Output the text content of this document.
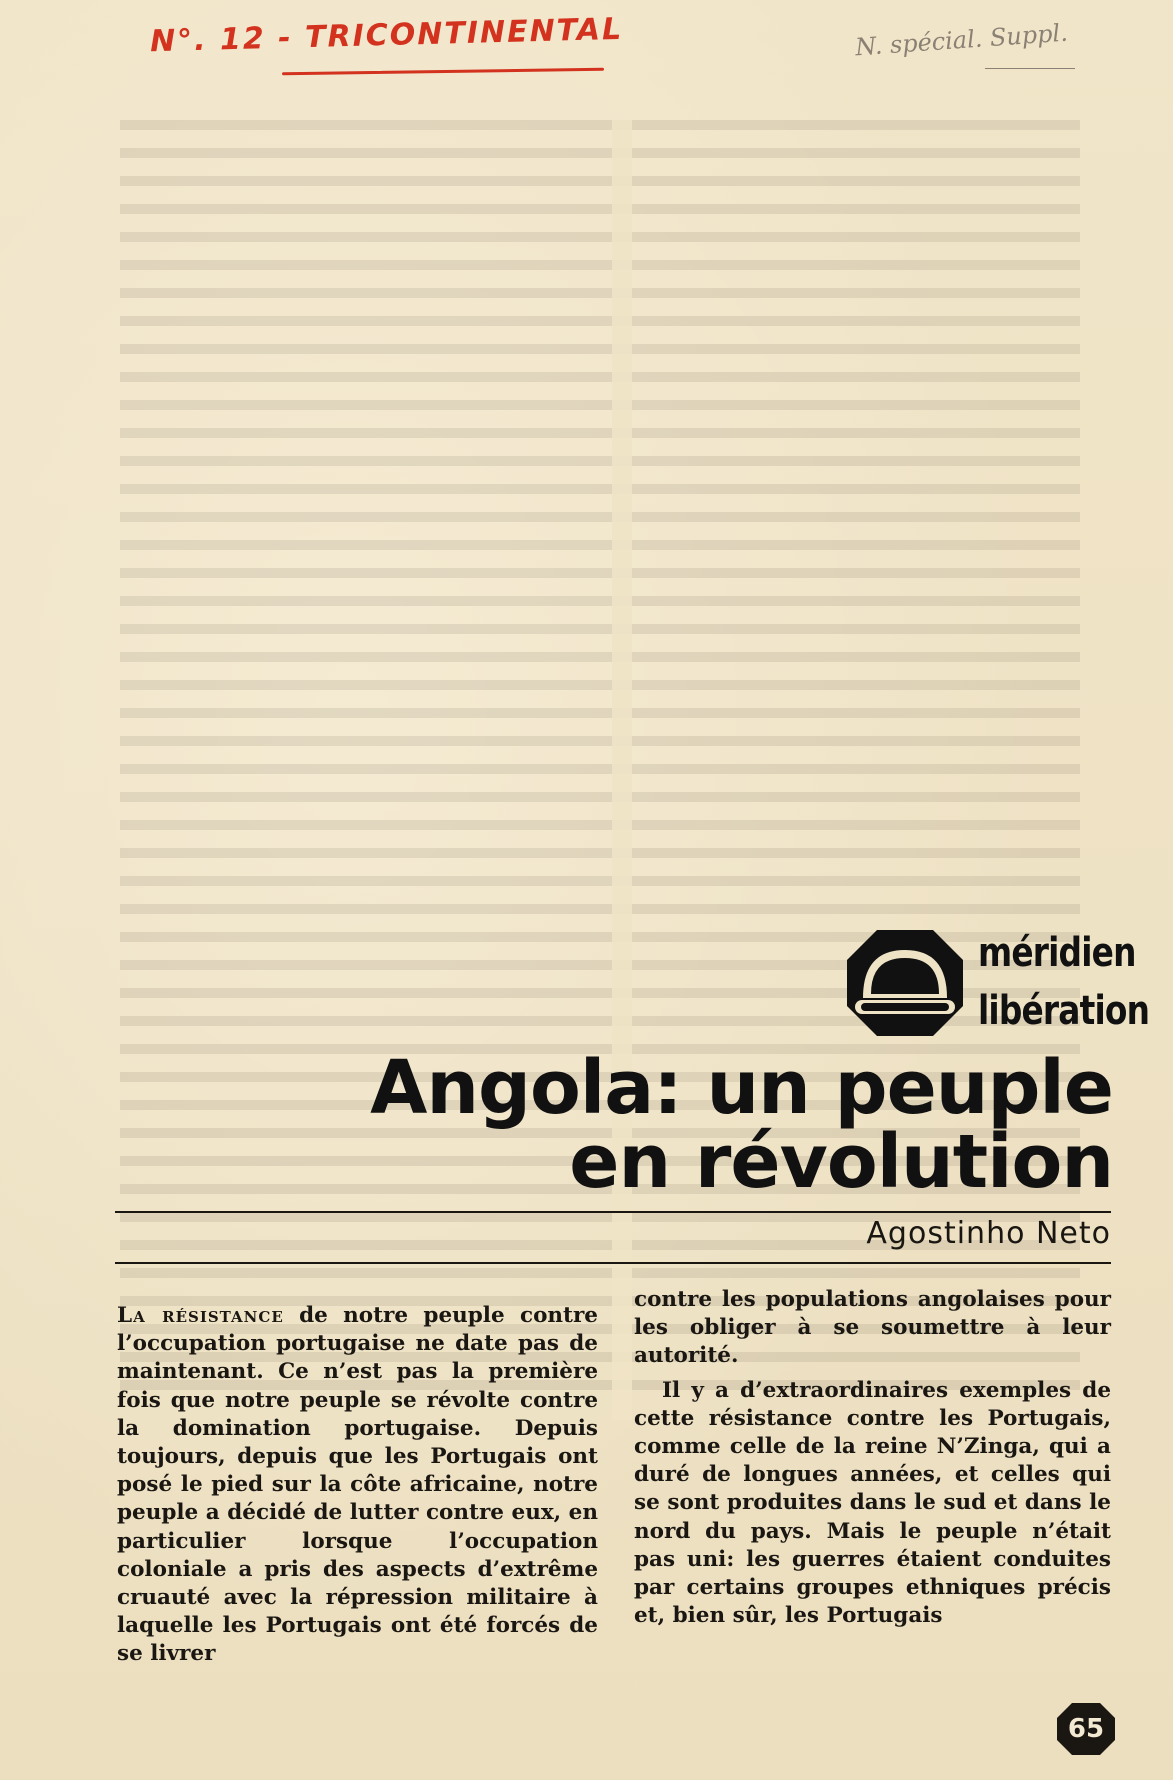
N°. 12 - TRICONTINENTAL	N. spécial. Suppl.
méridien
libération
Angola: un peuple
en révolution
Agostinho Neto

La résistance de notre peuple contre l’occupation portugaise ne date pas de maintenant. Ce n’est pas la première fois que notre peuple se révolte contre la domination portugaise. Depuis toujours, depuis que les Portugais ont posé le pied sur la côte africaine, notre peuple a décidé de lutter contre eux, en particulier lorsque l’occupation coloniale a pris des aspects d’extrême cruauté avec la répression militaire à laquelle les Portugais ont été forcés de se livrer

contre les populations angolaises pour les obliger à se soumettre à leur autorité.

Il y a d’extraordinaires exemples de cette résistance contre les Portugais, comme celle de la reine N’Zinga, qui a duré de longues années, et celles qui se sont produites dans le sud et dans le nord du pays. Mais le peuple n’était pas uni: les guerres étaient conduites par certains groupes ethniques précis et, bien sûr, les Portugais

65
